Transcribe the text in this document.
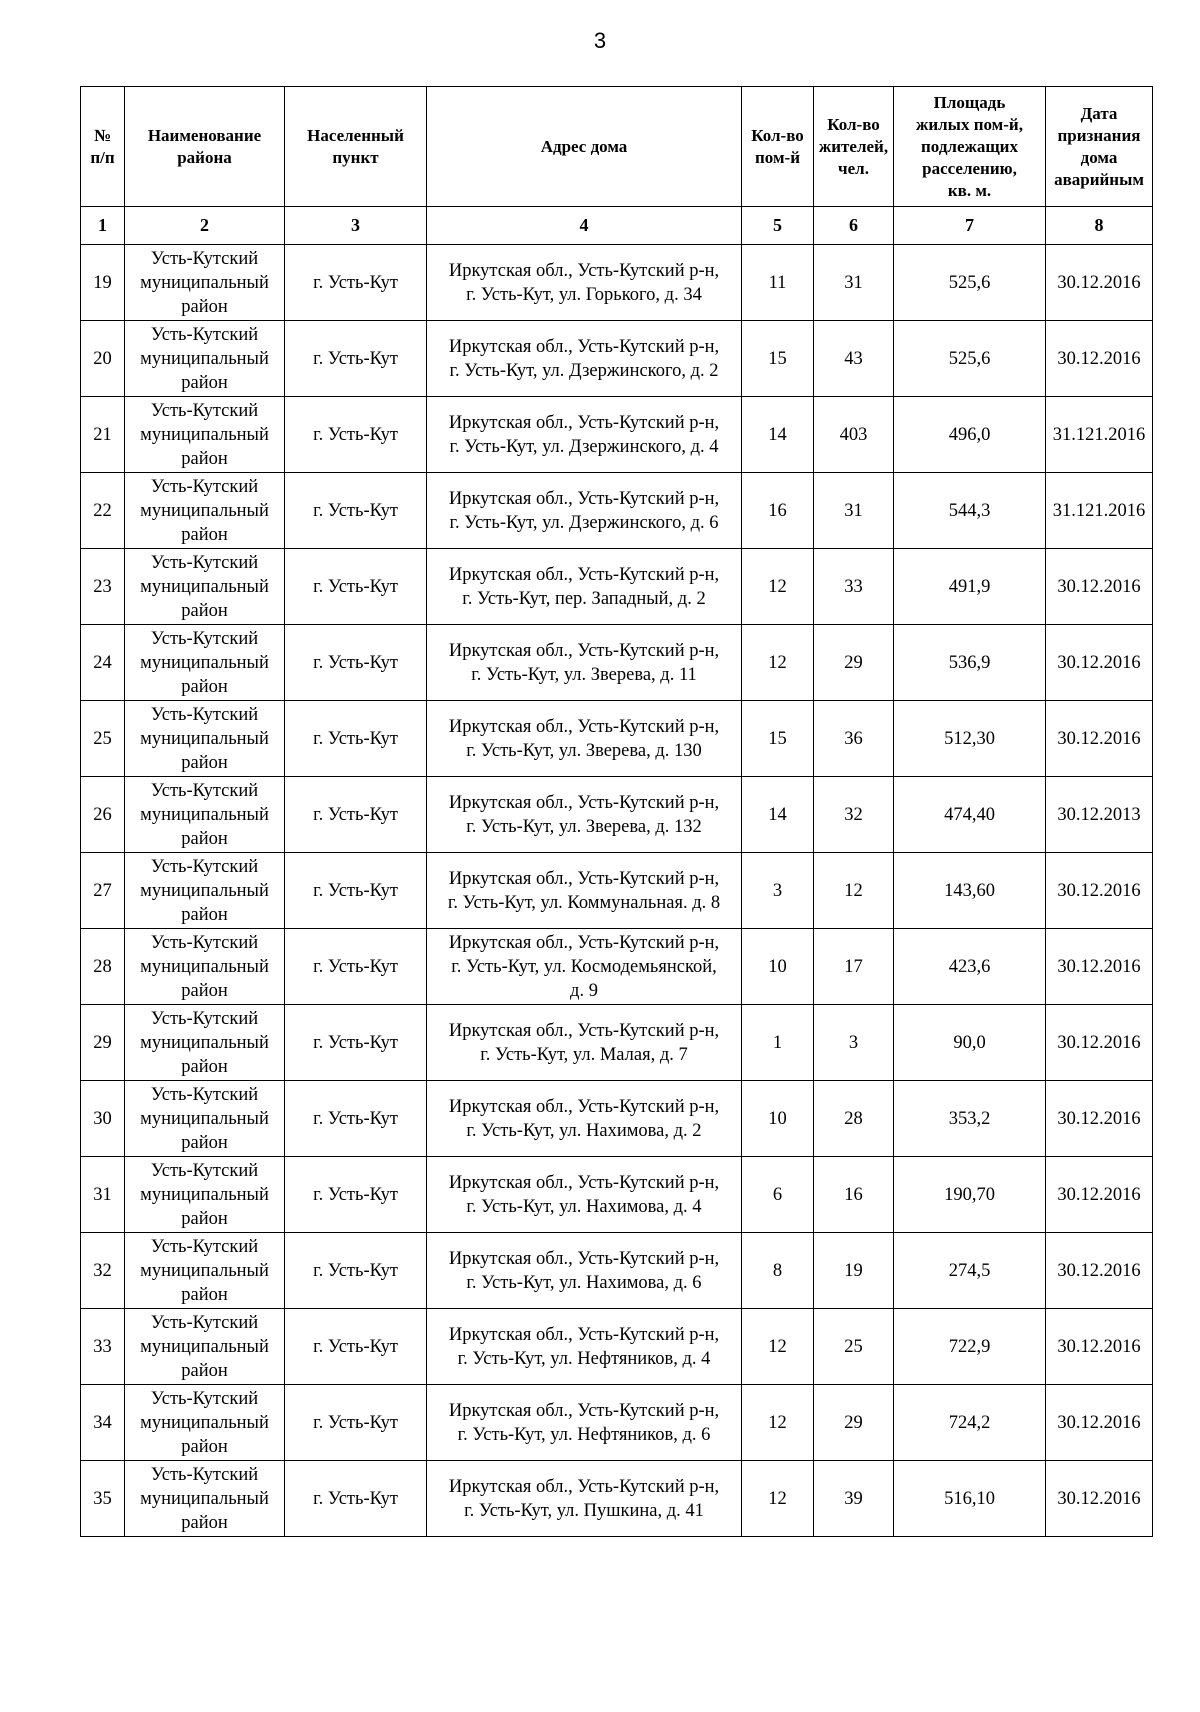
3
№
п/п	Наименование
района	Населенный
пункт	Адрес дома	Кол-во
пом-й	Кол-во
жителей,
чел.	Площадь
жилых пом-й,
подлежащих
расселению,
кв. м.	Дата
признания
дома
аварийным

1	2	3	4	5	6	7	8
19	Усть-Кутский
муниципальный
район	г. Усть-Кут	Иркутская обл., Усть-Кутский р-н,
г. Усть-Кут, ул. Горького, д. 34	11	31	525,6	30.12.2016
20	Усть-Кутский
муниципальный
район	г. Усть-Кут	Иркутская обл., Усть-Кутский р-н,
г. Усть-Кут, ул. Дзержинского, д. 2	15	43	525,6	30.12.2016
21	Усть-Кутский
муниципальный
район	г. Усть-Кут	Иркутская обл., Усть-Кутский р-н,
г. Усть-Кут, ул. Дзержинского, д. 4	14	403	496,0	31.121.2016
22	Усть-Кутский
муниципальный
район	г. Усть-Кут	Иркутская обл., Усть-Кутский р-н,
г. Усть-Кут, ул. Дзержинского, д. 6	16	31	544,3	31.121.2016
23	Усть-Кутский
муниципальный
район	г. Усть-Кут	Иркутская обл., Усть-Кутский р-н,
г. Усть-Кут, пер. Западный, д. 2	12	33	491,9	30.12.2016
24	Усть-Кутский
муниципальный
район	г. Усть-Кут	Иркутская обл., Усть-Кутский р-н,
г. Усть-Кут, ул. Зверева, д. 11	12	29	536,9	30.12.2016
25	Усть-Кутский
муниципальный
район	г. Усть-Кут	Иркутская обл., Усть-Кутский р-н,
г. Усть-Кут, ул. Зверева, д. 130	15	36	512,30	30.12.2016
26	Усть-Кутский
муниципальный
район	г. Усть-Кут	Иркутская обл., Усть-Кутский р-н,
г. Усть-Кут, ул. Зверева, д. 132	14	32	474,40	30.12.2013
27	Усть-Кутский
муниципальный
район	г. Усть-Кут	Иркутская обл., Усть-Кутский р-н,
г. Усть-Кут, ул. Коммунальная. д. 8	3	12	143,60	30.12.2016
28	Усть-Кутский
муниципальный
район	г. Усть-Кут	Иркутская обл., Усть-Кутский р-н,
г. Усть-Кут, ул. Космодемьянской,
д. 9	10	17	423,6	30.12.2016
29	Усть-Кутский
муниципальный
район	г. Усть-Кут	Иркутская обл., Усть-Кутский р-н,
г. Усть-Кут, ул. Малая, д. 7	1	3	90,0	30.12.2016
30	Усть-Кутский
муниципальный
район	г. Усть-Кут	Иркутская обл., Усть-Кутский р-н,
г. Усть-Кут, ул. Нахимова, д. 2	10	28	353,2	30.12.2016
31	Усть-Кутский
муниципальный
район	г. Усть-Кут	Иркутская обл., Усть-Кутский р-н,
г. Усть-Кут, ул. Нахимова, д. 4	6	16	190,70	30.12.2016
32	Усть-Кутский
муниципальный
район	г. Усть-Кут	Иркутская обл., Усть-Кутский р-н,
г. Усть-Кут, ул. Нахимова, д. 6	8	19	274,5	30.12.2016
33	Усть-Кутский
муниципальный
район	г. Усть-Кут	Иркутская обл., Усть-Кутский р-н,
г. Усть-Кут, ул. Нефтяников, д. 4	12	25	722,9	30.12.2016
34	Усть-Кутский
муниципальный
район	г. Усть-Кут	Иркутская обл., Усть-Кутский р-н,
г. Усть-Кут, ул. Нефтяников, д. 6	12	29	724,2	30.12.2016
35	Усть-Кутский
муниципальный
район	г. Усть-Кут	Иркутская обл., Усть-Кутский р-н,
г. Усть-Кут, ул. Пушкина, д. 41	12	39	516,10	30.12.2016
